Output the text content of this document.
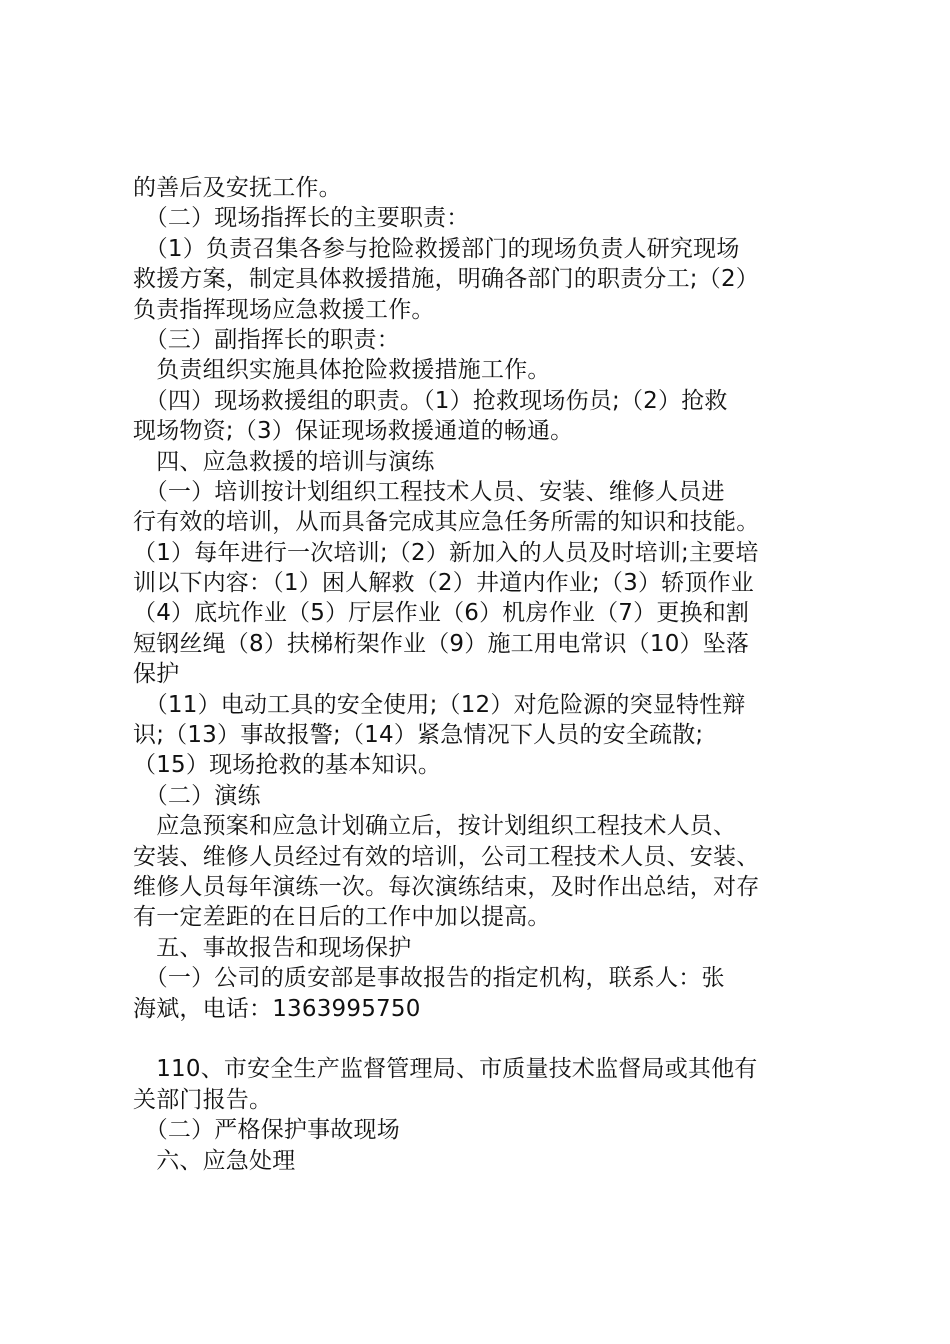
的善后及安抚工作。
　（二）现场指挥长的主要职责：
　（1）负责召集各参与抢险救援部门的现场负责人研究现场
救援方案，制定具体救援措施，明确各部门的职责分工;（2）
负责指挥现场应急救援工作。
　（三）副指挥长的职责：
　负责组织实施具体抢险救援措施工作。
　（四）现场救援组的职责。（1）抢救现场伤员;（2）抢救
现场物资;（3）保证现场救援通道的畅通。
　四、应急救援的培训与演练
　（一）培训按计划组织工程技术人员、安装、维修人员进
行有效的培训，从而具备完成其应急任务所需的知识和技能。
（1）每年进行一次培训;（2）新加入的人员及时培训;主要培
训以下内容：（1）困人解救（2）井道内作业;（3）轿顶作业
（4）底坑作业（5）厅层作业（6）机房作业（7）更换和割
短钢丝绳（8）扶梯桁架作业（9）施工用电常识（10）坠落
保护
　（11）电动工具的安全使用;（12）对危险源的突显特性辩
识;（13）事故报警;（14）紧急情况下人员的安全疏散;
（15）现场抢救的基本知识。
　（二）演练
　应急预案和应急计划确立后，按计划组织工程技术人员、
安装、维修人员经过有效的培训，公司工程技术人员、安装、
维修人员每年演练一次。每次演练结束，及时作出总结，对存
有一定差距的在日后的工作中加以提高。
　五、事故报告和现场保护
　（一）公司的质安部是事故报告的指定机构，联系人：张
海斌，电话：1363995750
　110、市安全生产监督管理局、市质量技术监督局或其他有
关部门报告。
　（二）严格保护事故现场
　六、应急处理
